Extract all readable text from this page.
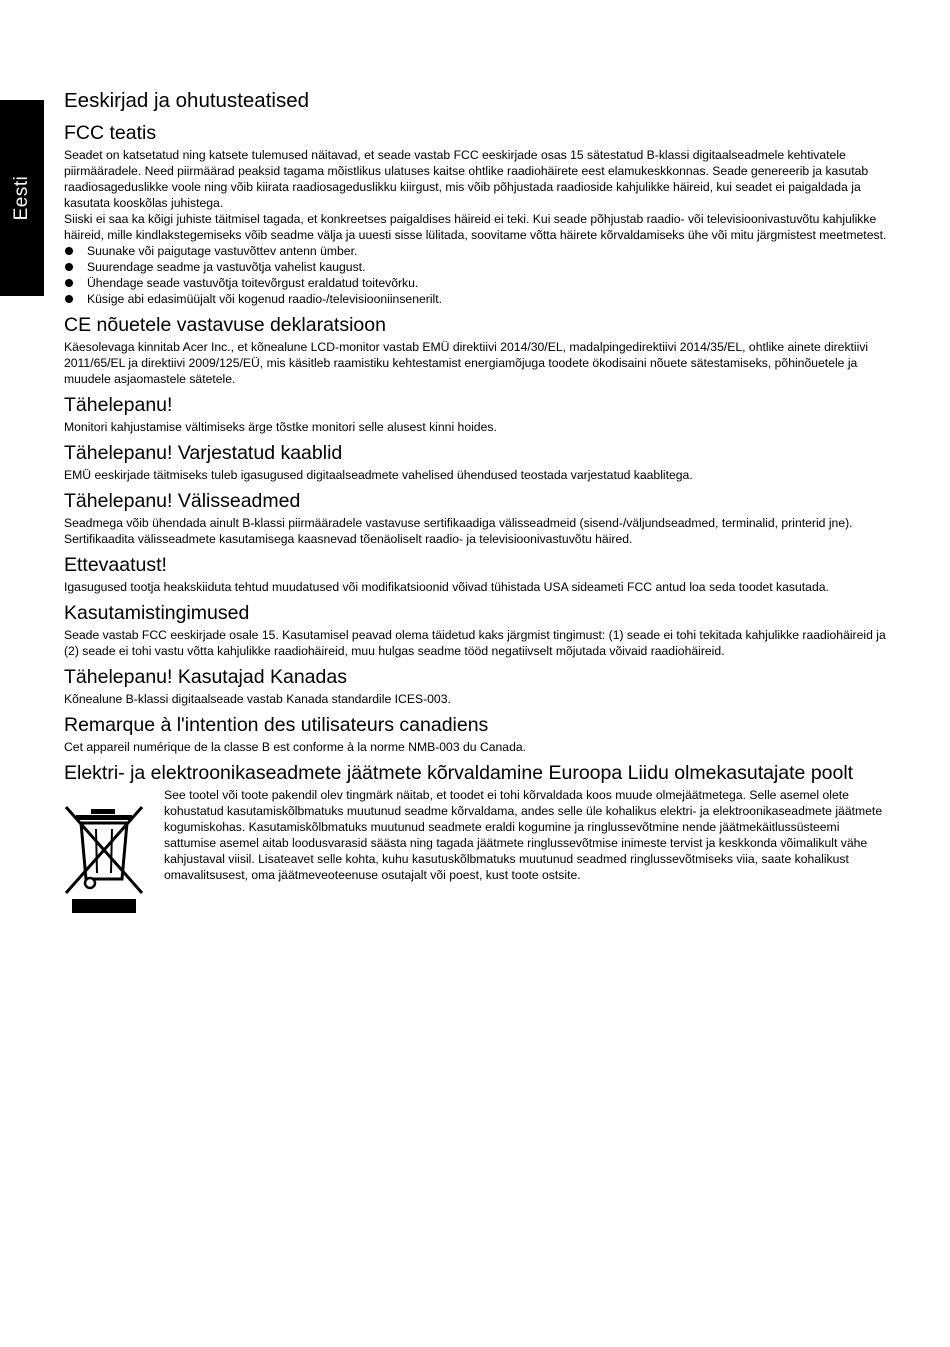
Eesti
Eeskirjad ja ohutusteatised
FCC teatis

Seadet on katsetatud ning katsete tulemused näitavad, et seade vastab FCC eeskirjade osas 15 sätestatud B-klassi digitaalseadmele kehtivatele piirmääradele. Need piirmäärad peaksid tagama mõistlikus ulatuses kaitse ohtlike raadiohäirete eest elamukeskkonnas. Seade genereerib ja kasutab raadiosageduslikke voole ning võib kiirata raadiosageduslikku kiirgust, mis võib põhjustada raadioside kahjulikke häireid, kui seadet ei paigaldada ja kasutata kooskõlas juhistega.

Siiski ei saa ka kõigi juhiste täitmisel tagada, et konkreetses paigaldises häireid ei teki. Kui seade põhjustab raadio- või televisioonivastuvõtu kahjulikke häireid, mille kindlakstegemiseks võib seadme välja ja uuesti sisse lülitada, soovitame võtta häirete kõrvaldamiseks ühe või mitu järgmistest meetmetest.

Suunake või paigutage vastuvõttev antenn ümber.
Suurendage seadme ja vastuvõtja vahelist kaugust.
Ühendage seade vastuvõtja toitevõrgust eraldatud toitevõrku.
Küsige abi edasimüüjalt või kogenud raadio-/televisiooniinsenerilt.
CE nõuetele vastavuse deklaratsioon

Käesolevaga kinnitab Acer Inc., et kõnealune LCD-monitor vastab EMÜ direktiivi 2014/30/EL, madalpingedirektiivi 2014/35/EL, ohtlike ainete direktiivi 2011/65/EL ja direktiivi 2009/125/EÜ, mis käsitleb raamistiku kehtestamist energiamõjuga toodete ökodisaini nõuete sätestamiseks, põhinõuetele ja muudele asjaomastele sätetele.

Tähelepanu!

Monitori kahjustamise vältimiseks ärge tõstke monitori selle alusest kinni hoides.

Tähelepanu! Varjestatud kaablid

EMÜ eeskirjade täitmiseks tuleb igasugused digitaalseadmete vahelised ühendused teostada varjestatud kaablitega.

Tähelepanu! Välisseadmed

Seadmega võib ühendada ainult B-klassi piirmääradele vastavuse sertifikaadiga välisseadmeid (sisend-/väljundseadmed, terminalid, printerid jne). Sertifikaadita välisseadmete kasutamisega kaasnevad tõenäoliselt raadio- ja televisioonivastuvõtu häired.

Ettevaatust!

Igasugused tootja heakskiiduta tehtud muudatused või modifikatsioonid võivad tühistada USA sideameti FCC antud loa seda toodet kasutada.

Kasutamistingimused

Seade vastab FCC eeskirjade osale 15. Kasutamisel peavad olema täidetud kaks järgmist tingimust: (1) seade ei tohi tekitada kahjulikke raadiohäireid ja (2) seade ei tohi vastu võtta kahjulikke raadiohäireid, muu hulgas seadme tööd negatiivselt mõjutada võivaid raadiohäireid.

Tähelepanu! Kasutajad Kanadas

Kõnealune B-klassi digitaalseade vastab Kanada standardile ICES-003.

Remarque à l'intention des utilisateurs canadiens

Cet appareil numérique de la classe B est conforme à la norme NMB-003 du Canada.

Elektri- ja elektroonikaseadmete jäätmete kõrvaldamine Euroopa Liidu olmekasutajate poolt

See tootel või toote pakendil olev tingmärk näitab, et toodet ei tohi kõrvaldada koos muude olmejäätmetega. Selle asemel olete kohustatud kasutamiskõlbmatuks muutunud seadme kõrvaldama, andes selle üle kohalikus elektri- ja elektroonikaseadmete jäätmete kogumiskohas. Kasutamiskõlbmatuks muutunud seadmete eraldi kogumine ja ringlussevõtmine nende jäätmekäitlussüsteemi sattumise asemel aitab loodusvarasid säästa ning tagada jäätmete ringlussevõtmise inimeste tervist ja keskkonda võimalikult vähe kahjustaval viisil. Lisateavet selle kohta, kuhu kasutuskõlbmatuks muutunud seadmed ringlussevõtmiseks viia, saate kohalikust omavalitsusest, oma jäätmeveoteenuse osutajalt või poest, kust toote ostsite.
